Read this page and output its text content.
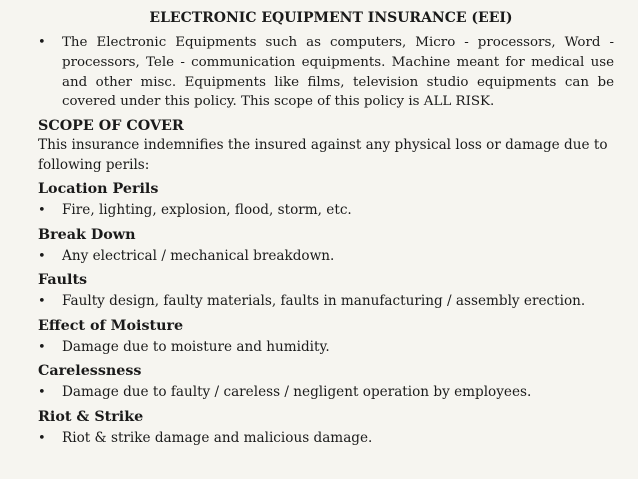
ELECTRONIC EQUIPMENT INSURANCE (EEI)
•	The Electronic Equipments such as computers, Micro - processors, Word - processors, Tele - communication equipments. Machine meant for medical use and other misc. Equipments like films, television studio equipments can be covered under this policy. This scope of this policy is ALL RISK.
SCOPE OF COVER
This insurance indemnifies the insured against any physical loss or damage due to following perils:
Location Perils
•	Fire, lighting, explosion, flood, storm, etc.
Break Down
•	Any electrical / mechanical breakdown.
Faults
•	Faulty design, faulty materials, faults in manufacturing / assembly erection.
Effect of Moisture
•	Damage due to moisture and humidity.
Carelessness
•	Damage due to faulty / careless / negligent operation by employees.
Riot & Strike
•	Riot & strike damage and malicious damage.
